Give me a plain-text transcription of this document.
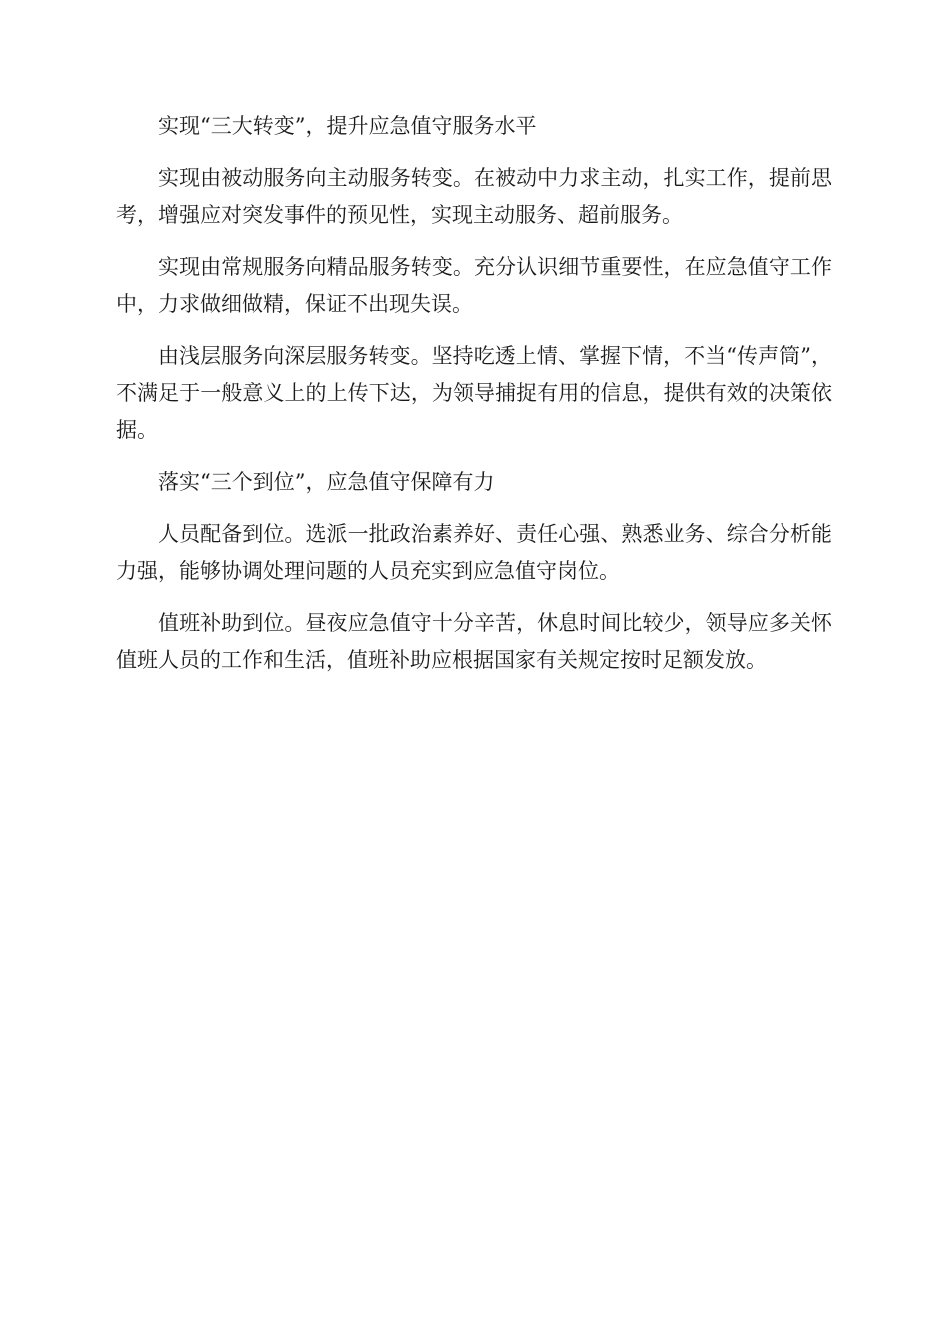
实现“三大转变”，提升应急值守服务水平

实现由被动服务向主动服务转变。在被动中力求主动，扎实工作，提前思考，增强应对突发事件的预见性，实现主动服务、超前服务。

实现由常规服务向精品服务转变。充分认识细节重要性，在应急值守工作中，力求做细做精，保证不出现失误。

由浅层服务向深层服务转变。坚持吃透上情、掌握下情，不当“传声筒”，不满足于一般意义上的上传下达，为领导捕捉有用的信息，提供有效的决策依据。

落实“三个到位”，应急值守保障有力

人员配备到位。选派一批政治素养好、责任心强、熟悉业务、综合分析能力强，能够协调处理问题的人员充实到应急值守岗位。

值班补助到位。昼夜应急值守十分辛苦，休息时间比较少，领导应多关怀值班人员的工作和生活，值班补助应根据国家有关规定按时足额发放。
